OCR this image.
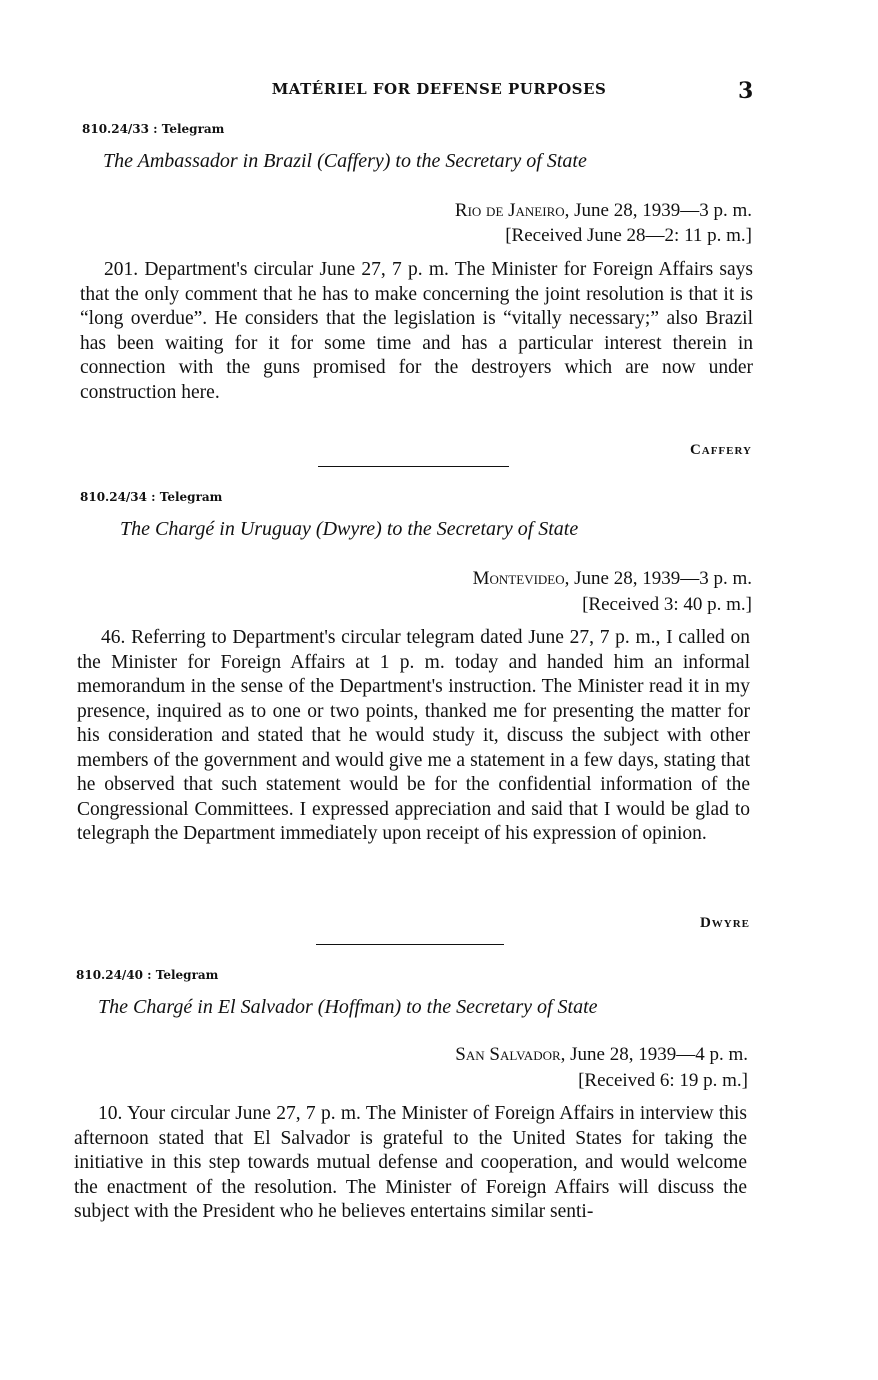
MATÉRIEL FOR DEFENSE PURPOSES	3
810.24/33 : Telegram
The Ambassador in Brazil (Caffery) to the Secretary of State
Rio de Janeiro, June 28, 1939—3 p. m.
[Received June 28—2: 11 p. m.]

201. Department's circular June 27, 7 p. m. The Minister for Foreign Affairs says that the only comment that he has to make concerning the joint resolution is that it is “long overdue”. He considers that the legislation is “vitally necessary;” also Brazil has been waiting for it for some time and has a particular interest therein in connection with the guns promised for the destroyers which are now under construction here.

Caffery
810.24/34 : Telegram
The Chargé in Uruguay (Dwyre) to the Secretary of State
Montevideo, June 28, 1939—3 p. m.
[Received 3: 40 p. m.]

46. Referring to Department's circular telegram dated June 27, 7 p. m., I called on the Minister for Foreign Affairs at 1 p. m. today and handed him an informal memorandum in the sense of the Department's instruction. The Minister read it in my presence, inquired as to one or two points, thanked me for presenting the matter for his consideration and stated that he would study it, discuss the subject with other members of the government and would give me a statement in a few days, stating that he observed that such statement would be for the confidential information of the Congressional Committees. I expressed appreciation and said that I would be glad to telegraph the Department immediately upon receipt of his expression of opinion.

Dwyre
810.24/40 : Telegram
The Chargé in El Salvador (Hoffman) to the Secretary of State
San Salvador, June 28, 1939—4 p. m.
[Received 6: 19 p. m.]

10. Your circular June 27, 7 p. m. The Minister of Foreign Affairs in interview this afternoon stated that El Salvador is grateful to the United States for taking the initiative in this step towards mutual defense and cooperation, and would welcome the enactment of the resolution. The Minister of Foreign Affairs will discuss the subject with the President who he believes entertains similar senti-
